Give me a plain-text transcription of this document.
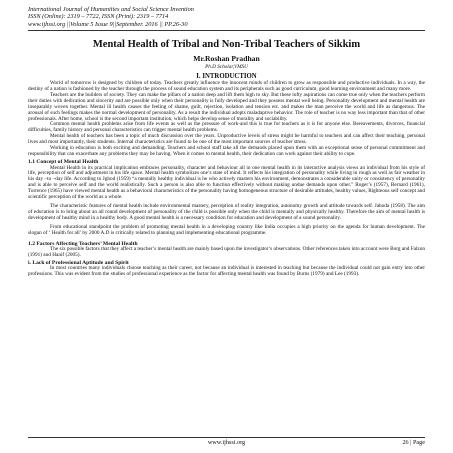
International Journal of Humanities and Social Science Invention
ISSN (Online): 2319 – 7722, ISSN (Print): 2319 – 7714
www.ijhssi.org ||Volume 5 Issue 9||September. 2016 || PP.26-30
Mental Health of Tribal and Non-Tribal Teachers of Sikkim
Mr.Roshan Pradhan
Ph.D Scholar,VMSU
I. INTRODUCTION

World of tomorrow is designed by children of today. Teachers greatly influence the innocent minds of children to grow as responsible and productive individuals. In a way, the destiny of a nation is fashioned by the teacher through the process of sound education system and its peripherals such as good curriculum, good learning environment and many more.

Teachers are the builders of society. They can make the pillars of a nation deep and lift them high to sky. But these lofty aspirations can come true only when the teachers perform their duties with dedication and sincerity and are possible only when their personality is fully developed and they possess mental well being. Personality development and mental health are inseparably woven together. Mental ill health causes the feeling of shame, guilt, rejection, isolation and tension etc. and makes the man perceive the world and life as dangerous. The arousal of such feelings makes the normal development of personality. As a result the individual adopts maladaptive behavior. The role of teacher is no way less important than that of other professionals. After home, school is the second important institution, which helps develop sense of morality and sociability.

Common mental health problems arise from life events as well as the pressure of work-and this is true for teachers as it is for anyone else. Bereavements, divorces, financial difficulties, family history and personal characteristics can trigger mental health problems.

Mental health of teachers has been a topic of much discussion over the years. Unproductive levels of stress might be harmful to teachers and can affect their teaching, personal lives and most importantly, their students. Internal characteristics are found to be one of the most important sources of teacher stress.

Working in education is both exciting and demanding. Teachers and school staff take all the demands placed upon them with an exceptional sense of personal commitment and responsibility that can exacerbate any problems they may be having. When it comes to mental health, their dedication can work against their ability to cope.

1.1 Concept of Mental Health

Mental Health in its practical implication embraces personality, character and behaviour all in one mental health in its interactive analysis views an individual from his style of life, perception of self and adjustment in his life space. Mental health symbolizes one’s state of mind. It reflects his integration of personality while living in rough as well as fair weather in his day –to –day life. According to Jghod (1959) “a mentally healthy individual is he who actively masters his environment, demonstrates a considerable unity or consistency of personality and is able to perceive self and the world realistically. Such a person is also able to function effectively without making undue demands upon other.” Roger’s (1957), Bernard (1961), Torrence (1965) have viewed mental health as a behavioral characteristics of the personality having homogeneous structure of desirable attitudes, healthy values, Righteous self concept and scientific perception of the world as a whole.

The characteristic features of mental health include environmental mastery, perception of reality integration, autonomy growth and attitude towards self. Jahoda (1958). The aim of education is to bring about an all round development of personality of the child is possible only when the child is mentally and physically healthy. Therefore the aim of mental health is development of healthy mind in a healthy body. A good mental health is a necessary condition for education and development of a sound personality.

From educational standpoint the problem of promoting mental health in a developing country like India occupies a high priority on the agenda for human development. The slogan of ‘ Health for all’ by 2000 A.D is critically related to planning and implementing educational programme.

1.2 Factors Affecting Teachers’ Mental Health

The six possible factors that they affect a teacher’s mental health are mainly based upon the investigator’s observations. Other references taken into account were Borg and Falzon (1991) and Hanif (2005).

i. Lack of Professional Aptitude and Spirit

In most countries many individuals choose teaching as their career, not because an individual is interested in teaching but because the individual could not gain entry into other professions. This was evident from the studies of professional experience as the factor for affecting mental health was found by Burns (1979) and Lee (1993).

www.ijhssi.org	26 | Page
